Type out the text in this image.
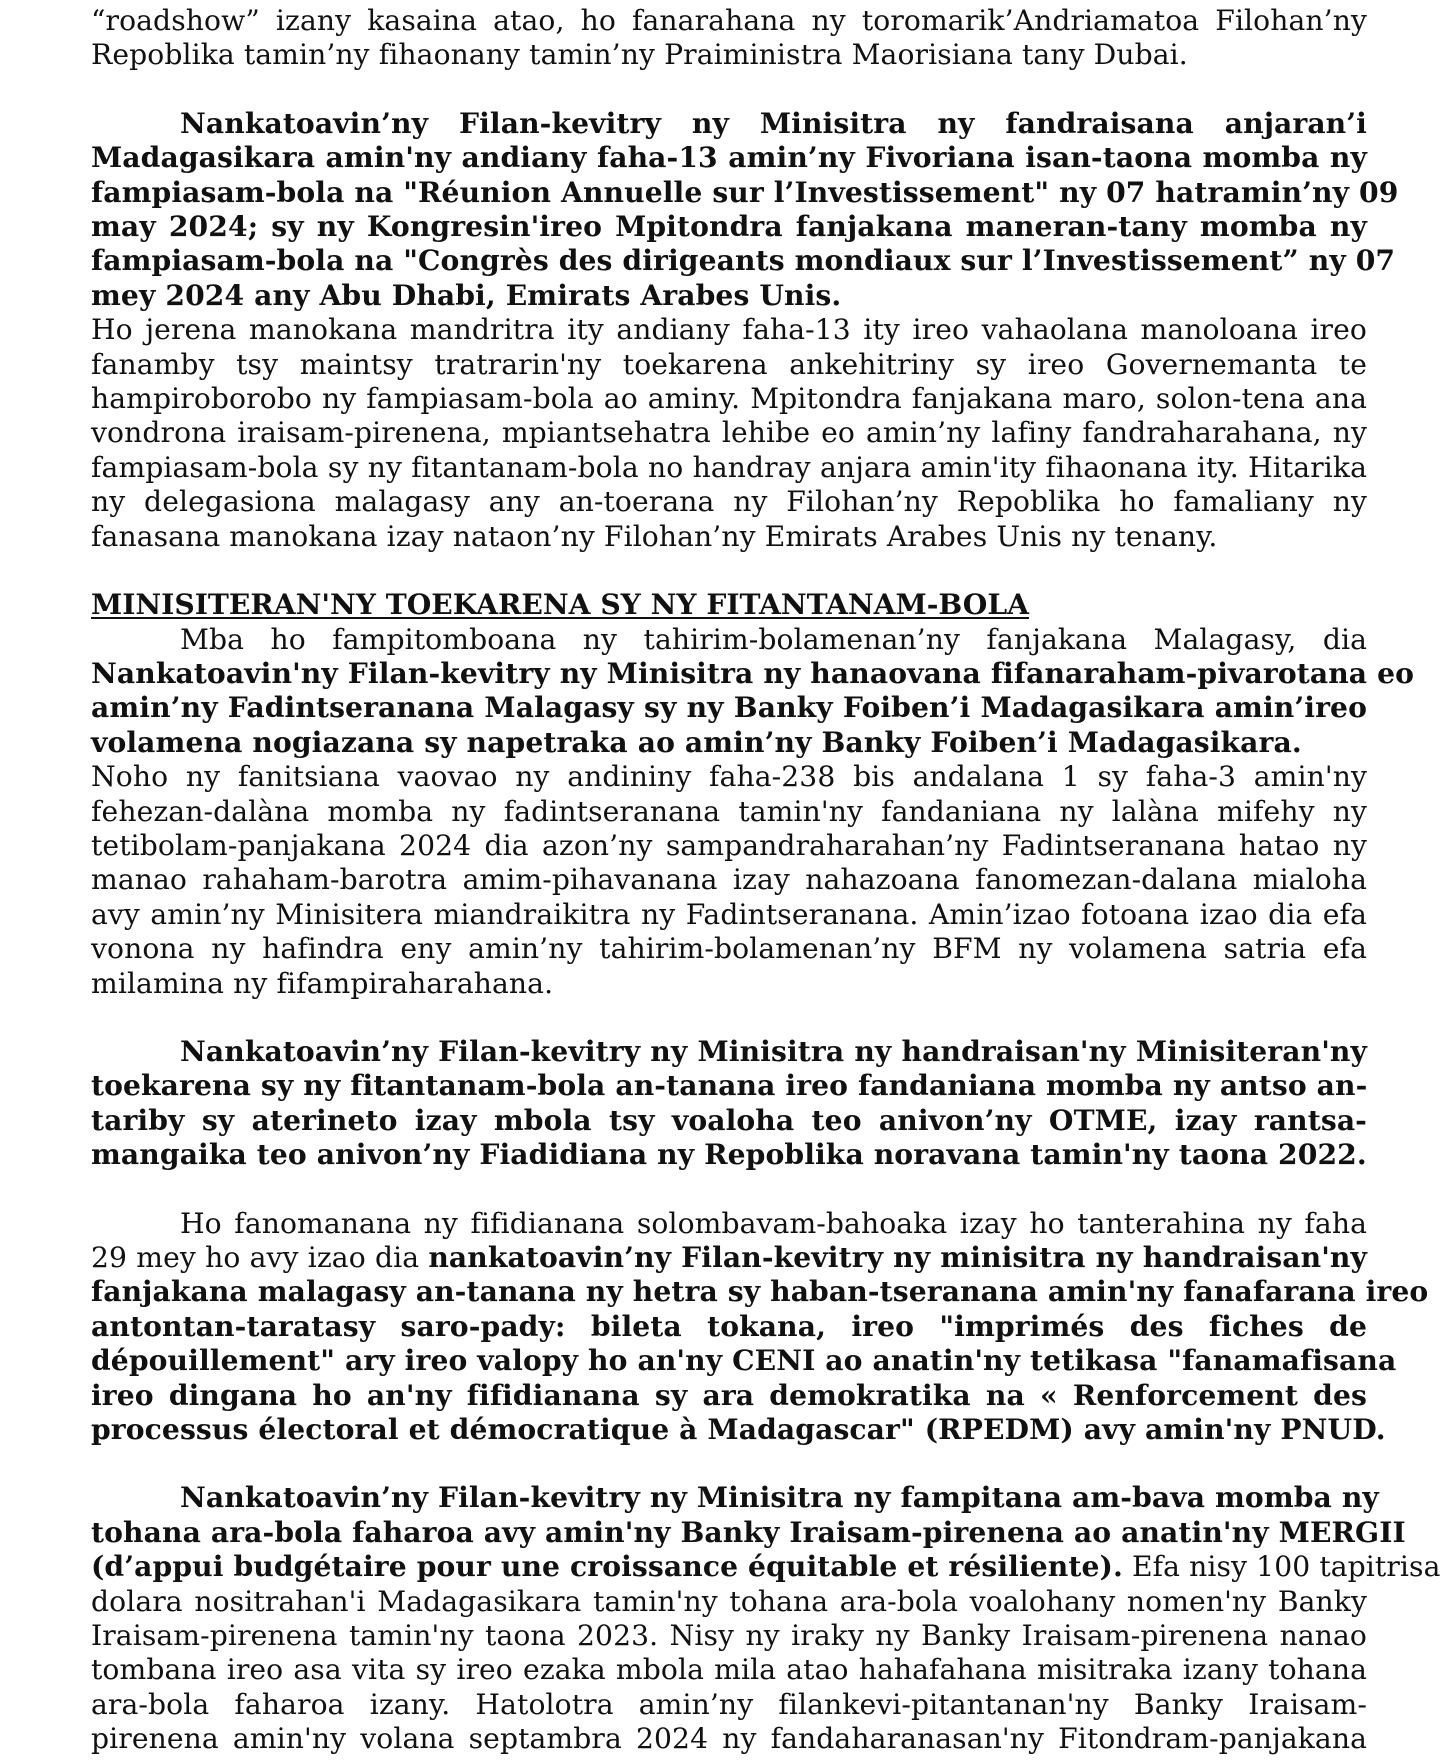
“roadshow” izany kasaina atao, ho fanarahana ny toromarik’Andriamatoa Filohan’ny
Repoblika tamin’ny fihaonany tamin’ny Praiministra Maorisiana tany Dubai.
Nankatoavin’ny Filan-kevitry ny Minisitra ny fandraisana anjaran’i
Madagasikara amin'ny andiany faha-13 amin’ny Fivoriana isan-taona momba ny
fampiasam-bola na "Réunion Annuelle sur l’Investissement" ny 07 hatramin’ny 09
may 2024; sy ny Kongresin'ireo Mpitondra fanjakana maneran-tany momba ny
fampiasam-bola na "Congrès des dirigeants mondiaux sur l’Investissement” ny 07
mey 2024 any Abu Dhabi, Emirats Arabes Unis.
Ho jerena manokana mandritra ity andiany faha-13 ity ireo vahaolana manoloana ireo
fanamby tsy maintsy tratrarin'ny toekarena ankehitriny sy ireo Governemanta te
hampiroborobo ny fampiasam-bola ao aminy. Mpitondra fanjakana maro, solon-tena ana
vondrona iraisam-pirenena, mpiantsehatra lehibe eo amin’ny lafiny fandraharahana, ny
fampiasam-bola sy ny fitantanam-bola no handray anjara amin'ity fihaonana ity. Hitarika
ny delegasiona malagasy any an-toerana ny Filohan’ny Repoblika ho famaliany ny
fanasana manokana izay nataon’ny Filohan’ny Emirats Arabes Unis ny tenany.
MINISITERAN'NY TOEKARENA SY NY FITANTANAM-BOLA
Mba ho fampitomboana ny tahirim-bolamenan’ny fanjakana Malagasy, dia
Nankatoavin'ny Filan-kevitry ny Minisitra ny hanaovana fifanaraham-pivarotana eo
amin’ny Fadintseranana Malagasy sy ny Banky Foiben’i Madagasikara amin’ireo
volamena nogiazana sy napetraka ao amin’ny Banky Foiben’i Madagasikara.
Noho ny fanitsiana vaovao ny andininy faha-238 bis andalana 1 sy faha-3 amin'ny
fehezan-dalàna momba ny fadintseranana tamin'ny fandaniana ny lalàna mifehy ny
tetibolam-panjakana 2024 dia azon’ny sampandraharahan’ny Fadintseranana hatao ny
manao rahaham-barotra amim-pihavanana izay nahazoana fanomezan-dalana mialoha
avy amin’ny Minisitera miandraikitra ny Fadintseranana. Amin’izao fotoana izao dia efa
vonona ny hafindra eny amin’ny tahirim-bolamenan’ny BFM ny volamena satria efa
milamina ny fifampiraharahana.
Nankatoavin’ny Filan-kevitry ny Minisitra ny handraisan'ny Minisiteran'ny
toekarena sy ny fitantanam-bola an-tanana ireo fandaniana momba ny antso an-
tariby sy aterineto izay mbola tsy voaloha teo anivon’ny OTME, izay rantsa-
mangaika teo anivon’ny Fiadidiana ny Repoblika noravana tamin'ny taona 2022.
Ho fanomanana ny fifidianana solombavam-bahoaka izay ho tanterahina ny faha
29 mey ho avy izao dia nankatoavin’ny Filan-kevitry ny minisitra ny handraisan'ny
fanjakana malagasy an-tanana ny hetra sy haban-tseranana amin'ny fanafarana ireo
antontan-taratasy saro-pady: bileta tokana, ireo "imprimés des fiches de
dépouillement" ary ireo valopy ho an'ny CENI ao anatin'ny tetikasa "fanamafisana
ireo dingana ho an'ny fifidianana sy ara demokratika na « Renforcement des
processus électoral et démocratique à Madagascar" (RPEDM) avy amin'ny PNUD.
Nankatoavin’ny Filan-kevitry ny Minisitra ny fampitana am-bava momba ny
tohana ara-bola faharoa avy amin'ny Banky Iraisam-pirenena ao anatin'ny MERGII
(d’appui budgétaire pour une croissance équitable et résiliente). Efa nisy 100 tapitrisa
dolara nositrahan'i Madagasikara tamin'ny tohana ara-bola voalohany nomen'ny Banky
Iraisam-pirenena tamin'ny taona 2023. Nisy ny iraky ny Banky Iraisam-pirenena nanao
tombana ireo asa vita sy ireo ezaka mbola mila atao hahafahana misitraka izany tohana
ara-bola faharoa izany. Hatolotra amin’ny filankevi-pitantanan'ny Banky Iraisam-
pirenena amin'ny volana septambra 2024 ny fandaharanasan'ny Fitondram-panjakana
